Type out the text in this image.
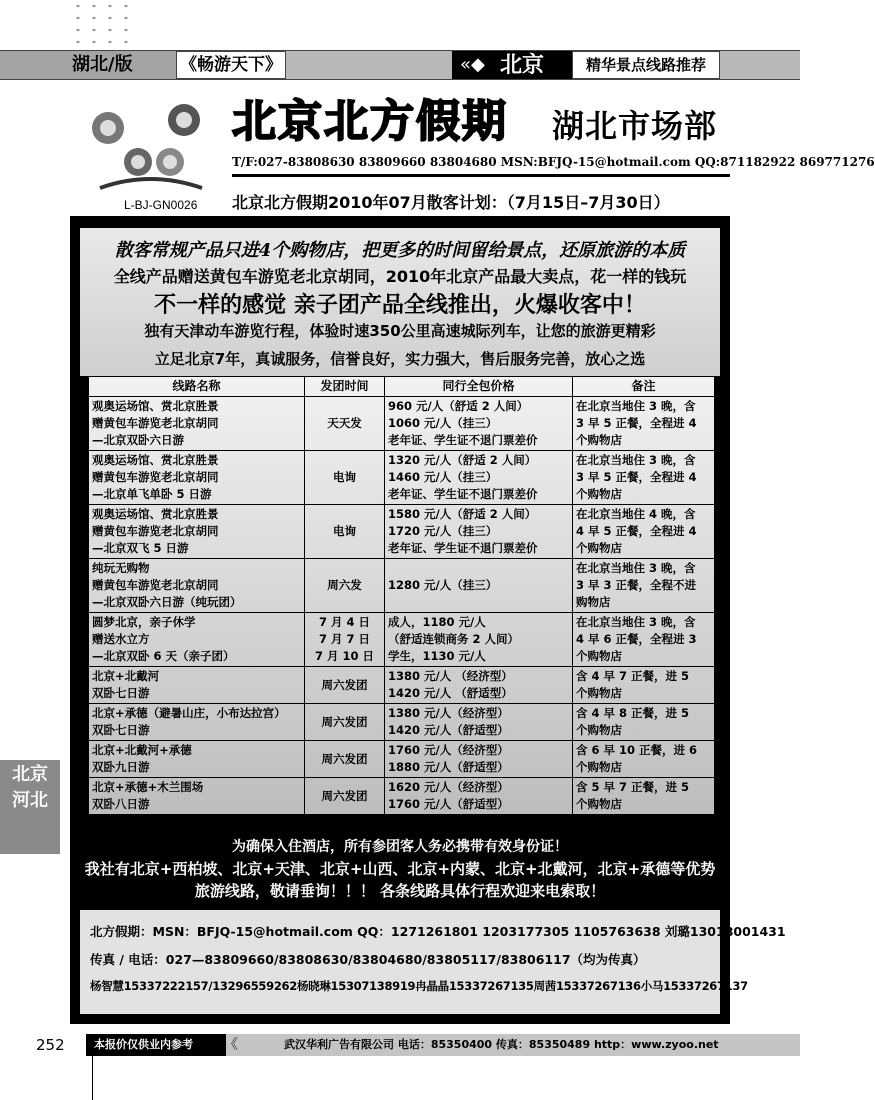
湖北/版	《畅游天下》	北京
«◆	精华景点线路推荐
L-BJ-GN0026
北京北方假期 湖北市场部
T/F:027-83808630 83809660 83804680 MSN:BFJQ-15@hotmail.com QQ:871182922 869771276
北京北方假期2010年07月散客计划：（7月15日–7月30日）
散客常规产品只进4个购物店，把更多的时间留给景点，还原旅游的本质
全线产品赠送黄包车游览老北京胡同，2010年北京产品最大卖点，花一样的钱玩
不一样的感觉 亲子团产品全线推出，火爆收客中！
独有天津动车游览行程，体验时速350公里高速城际列车，让您的旅游更精彩
立足北京7年，真诚服务，信誉良好，实力强大，售后服务完善，放心之选
线路名称	发团时间	同行全包价格	备注
观奥运场馆、赏北京胜景
赠黄包车游览老北京胡同
—北京双卧六日游	天天发	960 元/人（舒适 2 人间）
1060 元/人（挂三）
老年证、学生证不退门票差价	在北京当地住 3 晚，含
3 早 5 正餐，全程进 4
个购物店
观奥运场馆、赏北京胜景
赠黄包车游览老北京胡同
—北京单飞单卧 5 日游	电询	1320 元/人（舒适 2 人间）
1460 元/人（挂三）
老年证、学生证不退门票差价	在北京当地住 3 晚，含
3 早 5 正餐，全程进 4
个购物店
观奥运场馆、赏北京胜景
赠黄包车游览老北京胡同
—北京双飞 5 日游	电询	1580 元/人（舒适 2 人间）
1720 元/人（挂三）
老年证、学生证不退门票差价	在北京当地住 4 晚，含
4 早 5 正餐，全程进 4
个购物店
纯玩无购物
赠黄包车游览老北京胡同
—北京双卧六日游（纯玩团）	周六发	1280 元/人（挂三）	在北京当地住 3 晚，含
3 早 3 正餐，全程不进
购物店
圆梦北京，亲子休学
赠送水立方
—北京双卧 6 天（亲子团）	7 月 4 日
7 月 7 日
7 月 10 日	成人，1180 元/人
（舒适连锁商务 2 人间）
学生，1130 元/人	在北京当地住 3 晚，含
4 早 6 正餐，全程进 3
个购物店
北京+北戴河
双卧七日游	周六发团	1380 元/人 （经济型）
1420 元/人 （舒适型）	含 4 早 7 正餐，进 5
个购物店
北京+承德（避暑山庄，小布达拉宫）
双卧七日游	周六发团	1380 元/人（经济型）
1420 元/人（舒适型）	含 4 早 8 正餐，进 5
个购物店
北京+北戴河+承德
双卧九日游	周六发团	1760 元/人（经济型）
1880 元/人（舒适型）	含 6 早 10 正餐，进 6
个购物店
北京+承德+木兰围场
双卧八日游	周六发团	1620 元/人（经济型）
1760 元/人（舒适型）	含 5 早 7 正餐，进 5
个购物店
为确保入住酒店，所有参团客人务必携带有效身份证！
我社有北京+西柏坡、北京+天津、北京+山西、北京+内蒙、北京+北戴河，北京+承德等优势旅游线路，敬请垂询！！！ 各条线路具体行程欢迎来电索取！
北方假期：MSN：BFJQ-15@hotmail.com QQ：1271261801 1203177305 1105763638 刘璐13018001431
传真 / 电话：027—83809660/83808630/83804680/83805117/83806117（均为传真）
杨智慧15337222157/13296559262杨晓琳15307138919冉晶晶15337267135周茜15337267136小马15337267137
北京
河北
252	本报价仅供业内参考	《	武汉华利广告有限公司 电话：85350400 传真：85350489 http：www.zyoo.net
